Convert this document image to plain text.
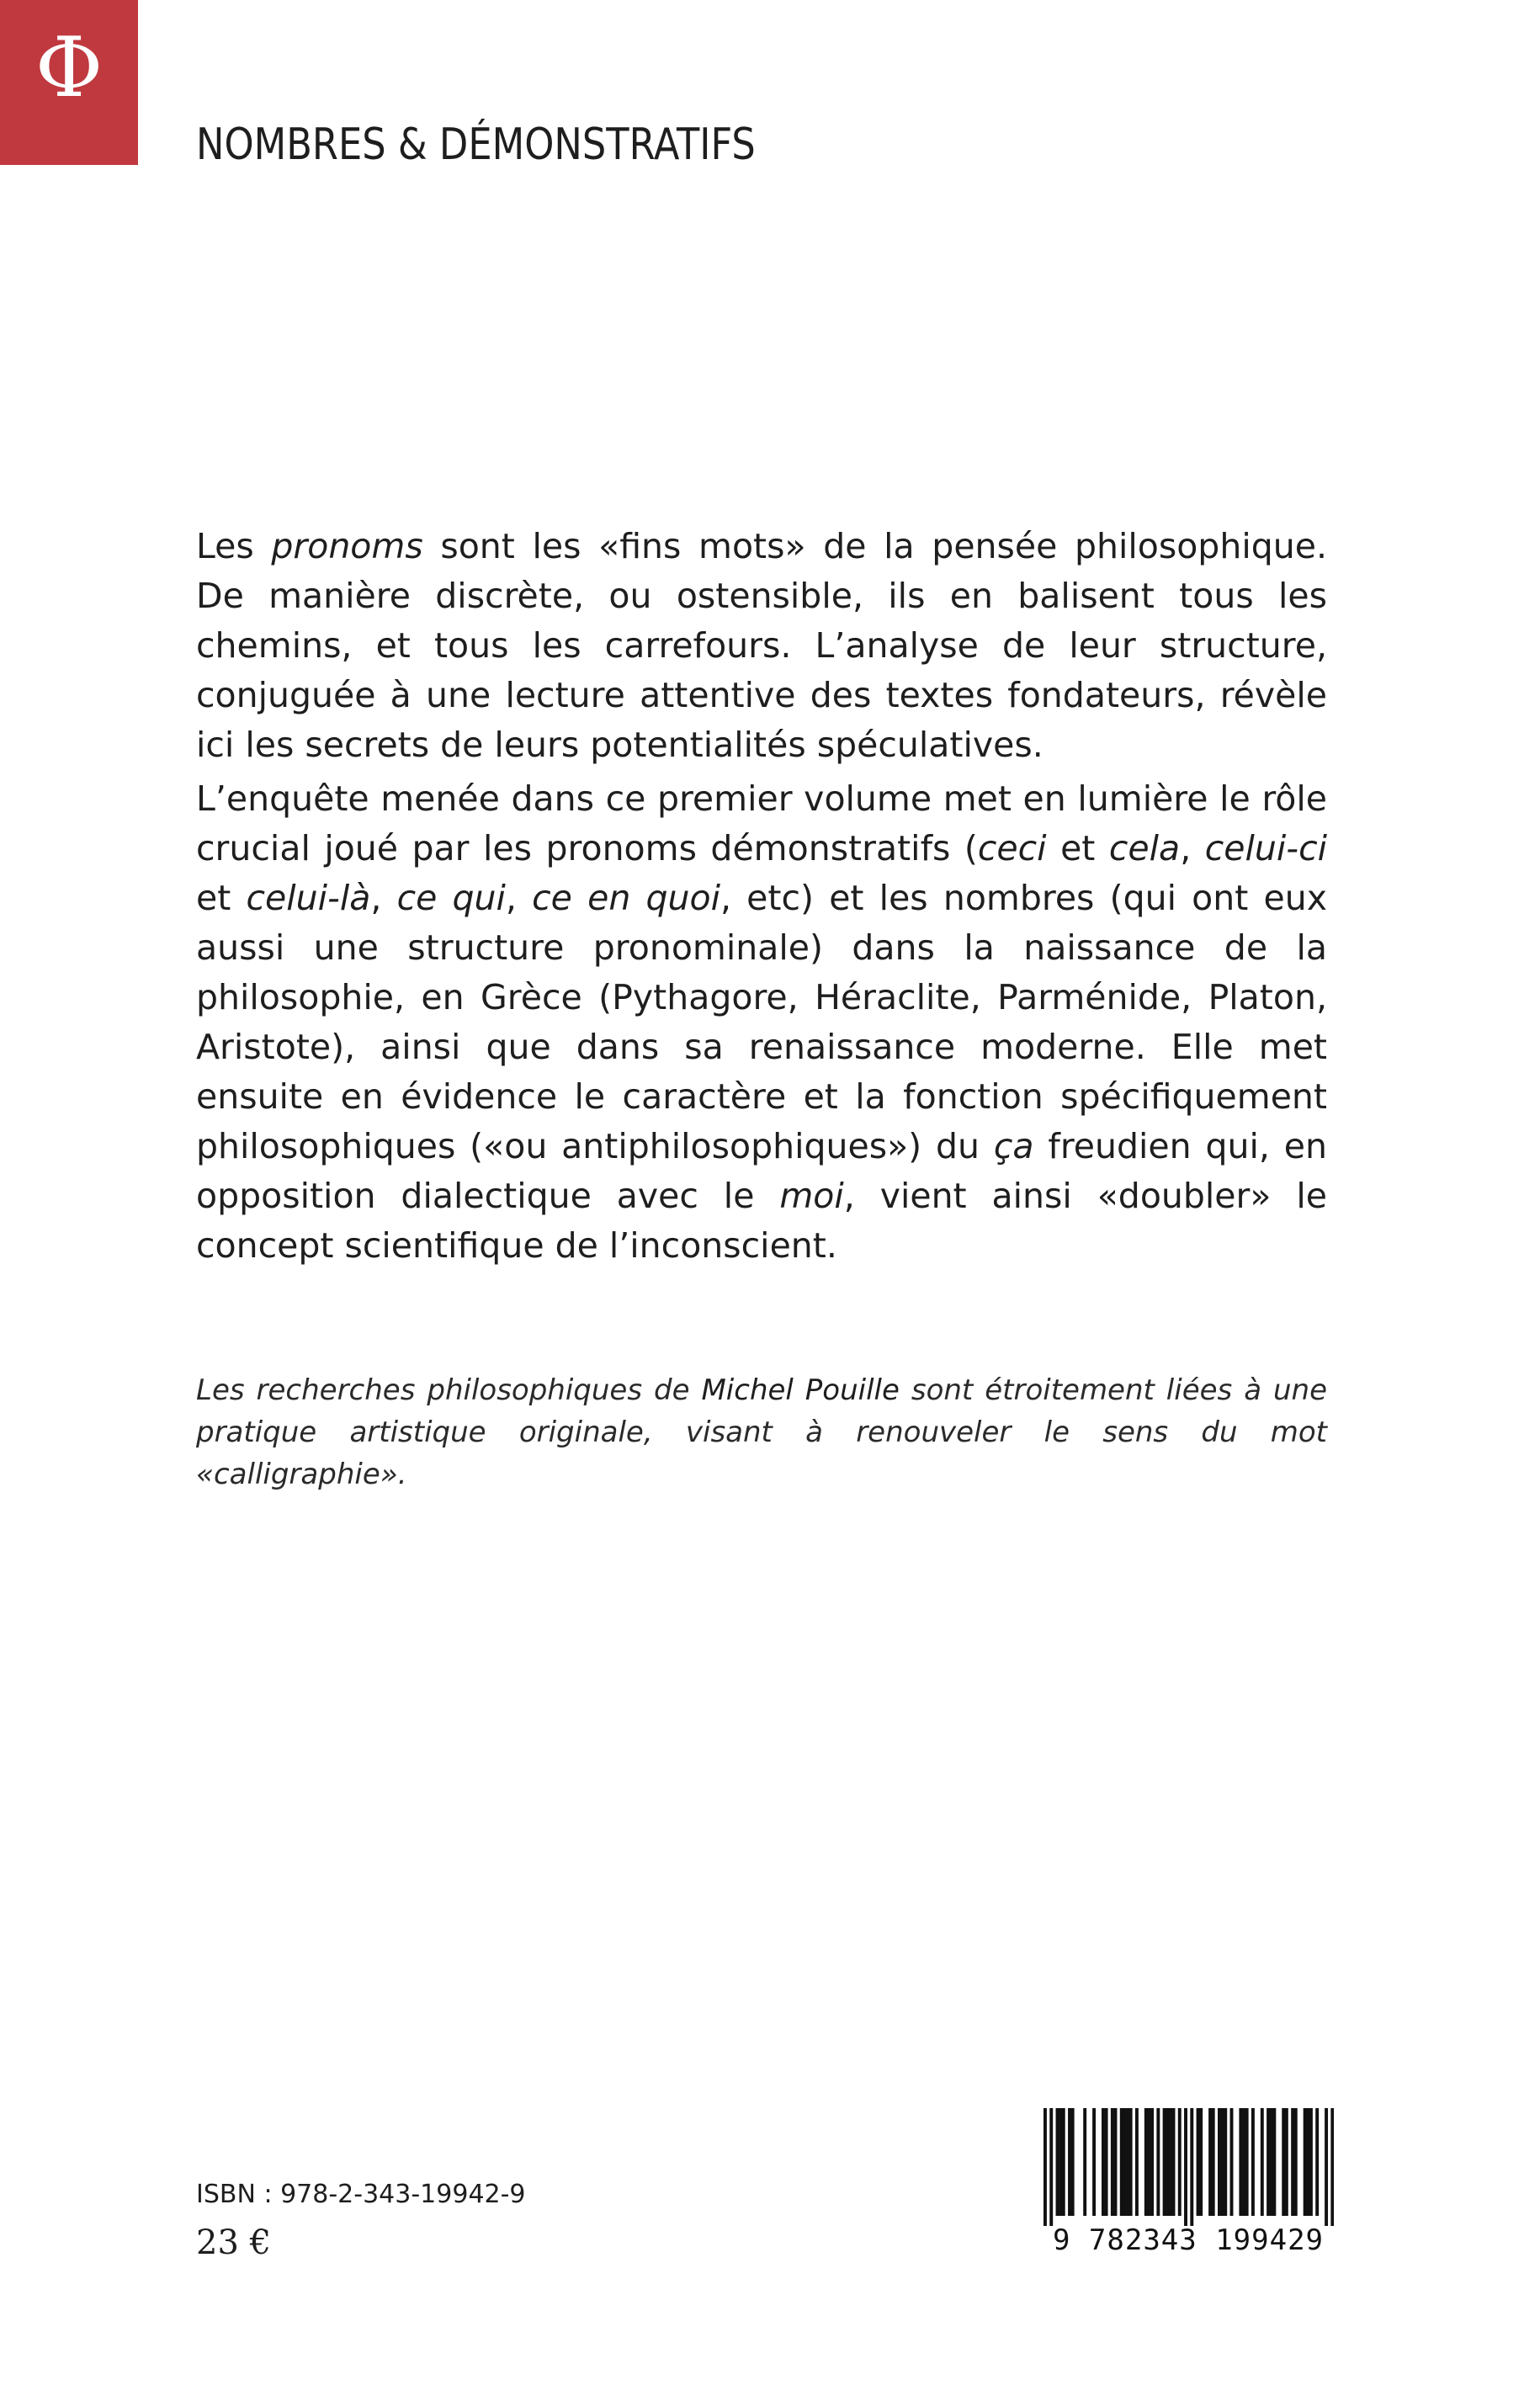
Φ
NOMBRES & DÉMONSTRATIFS
Les pronoms sont les «fins mots» de la pensée philosophique. De manière discrète, ou ostensible, ils en balisent tous les chemins, et tous les carrefours. L’analyse de leur structure, conjuguée à une lecture attentive des textes fondateurs, révèle ici les secrets de leurs potentialités spéculatives.
L’enquête menée dans ce premier volume met en lumière le rôle crucial joué par les pronoms démonstratifs (ceci et cela, celui-ci et celui-là, ce qui, ce en quoi, etc) et les nombres (qui ont eux aussi une structure pronominale) dans la naissance de la philosophie, en Grèce (Pythagore, Héraclite, Parménide, Platon, Aristote), ainsi que dans sa renaissance moderne. Elle met ensuite en évidence le caractère et la fonction spécifiquement philosophiques («ou antiphilosophiques») du ça freudien qui, en opposition dialectique avec le moi, vient ainsi «doubler» le concept scientifique de l’inconscient.
Les recherches philosophiques de Michel Pouille sont étroitement liées à une pratique artistique originale, visant à renouveler le sens du mot «calligraphie».
ISBN : 978-2-343-19942-9
23 €	9 782343 199429
